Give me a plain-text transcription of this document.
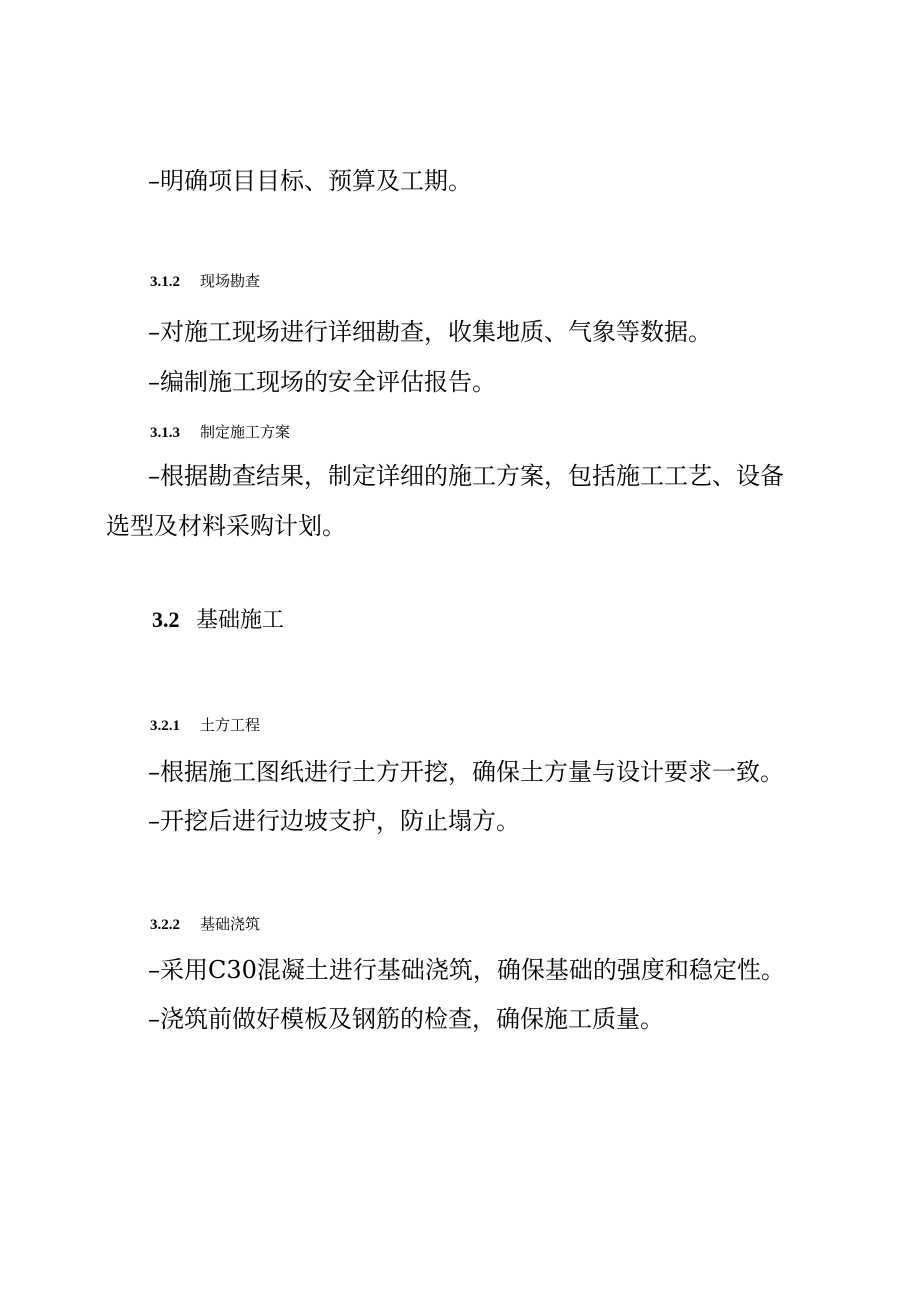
–明确项目目标、预算及工期。
3.1.2 现场勘查
–对施工现场进行详细勘查，收集地质、气象等数据。
–编制施工现场的安全评估报告。
3.1.3 制定施工方案
–根据勘查结果，制定详细的施工方案，包括施工工艺、设备选型及材料采购计划。
3.2 基础施工
3.2.1 土方工程
–根据施工图纸进行土方开挖，确保土方量与设计要求一致。
–开挖后进行边坡支护，防止塌方。
3.2.2 基础浇筑
–采用C30混凝土进行基础浇筑，确保基础的强度和稳定性。
–浇筑前做好模板及钢筋的检查，确保施工质量。
